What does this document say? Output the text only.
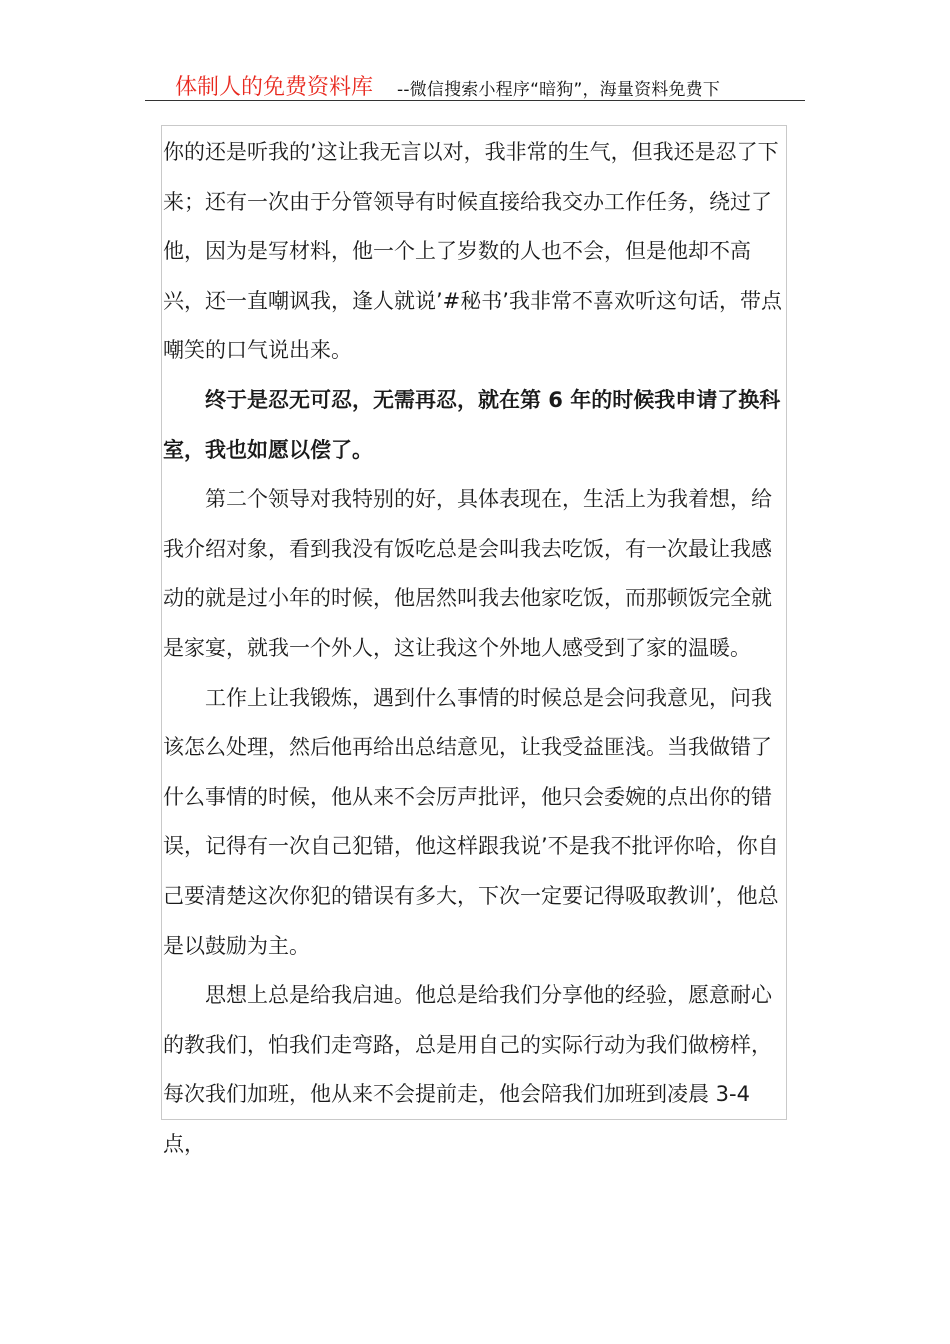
体制人的免费资料库 --微信搜索小程序“暗狗”，海量资料免费下

你的还是听我的’这让我无言以对，我非常的生气，但我还是忍了下来；还有一次由于分管领导有时候直接给我交办工作任务，绕过了他，因为是写材料，他一个上了岁数的人也不会，但是他却不高兴，还一直嘲讽我，逢人就说’#秘书’我非常不喜欢听这句话，带点嘲笑的口气说出来。

终于是忍无可忍，无需再忍，就在第 6 年的时候我申请了换科室，我也如愿以偿了。

第二个领导对我特别的好，具体表现在，生活上为我着想，给我介绍对象，看到我没有饭吃总是会叫我去吃饭，有一次最让我感动的就是过小年的时候，他居然叫我去他家吃饭，而那顿饭完全就是家宴，就我一个外人，这让我这个外地人感受到了家的温暖。

工作上让我锻炼，遇到什么事情的时候总是会问我意见，问我该怎么处理，然后他再给出总结意见，让我受益匪浅。当我做错了什么事情的时候，他从来不会厉声批评，他只会委婉的点出你的错误，记得有一次自己犯错，他这样跟我说’不是我不批评你哈，你自己要清楚这次你犯的错误有多大，下次一定要记得吸取教训’，他总是以鼓励为主。

思想上总是给我启迪。他总是给我们分享他的经验，愿意耐心的教我们，怕我们走弯路，总是用自己的实际行动为我们做榜样，每次我们加班，他从来不会提前走，他会陪我们加班到凌晨 3-4 点，
